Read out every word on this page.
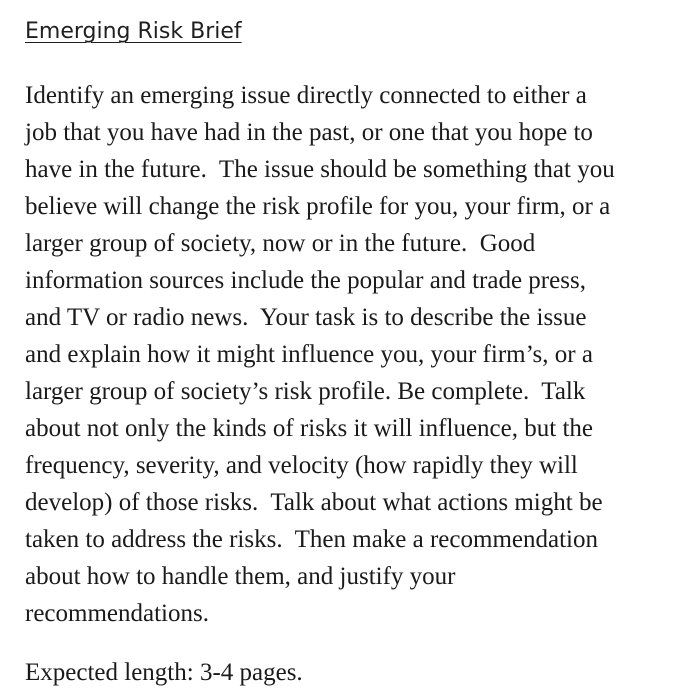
Emerging Risk Brief
Identify an emerging issue directly connected to either a
job that you have had in the past, or one that you hope to
have in the future.  The issue should be something that you
believe will change the risk profile for you, your firm, or a
larger group of society, now or in the future.  Good
information sources include the popular and trade press,
and TV or radio news.  Your task is to describe the issue
and explain how it might influence you, your firm’s, or a
larger group of society’s risk profile. Be complete.  Talk
about not only the kinds of risks it will influence, but the
frequency, severity, and velocity (how rapidly they will
develop) of those risks.  Talk about what actions might be
taken to address the risks.  Then make a recommendation
about how to handle them, and justify your
recommendations.
Expected length: 3-4 pages.
